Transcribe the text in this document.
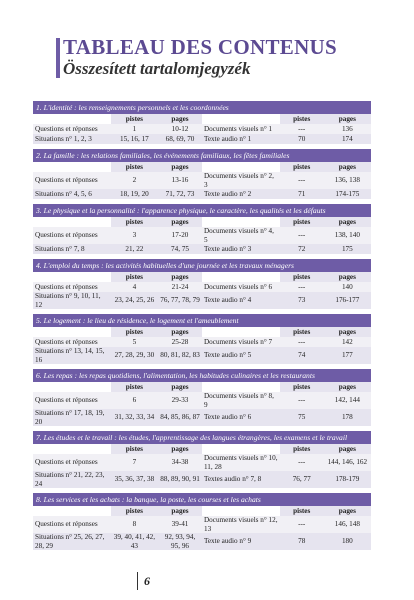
TABLEAU DES CONTENUS
Összesített tartalomjegyzék
1. L'identité : les renseignements personnels et les coordonnées
	pistes	pages		pistes	pages
Questions et réponses	1	10-12	Documents visuels n° 1	---	136
Situations n° 1, 2, 3	15, 16, 17	68, 69, 70	Texte audio n° 1	70	174
2. La famille : les relations familiales, les événements familiaux, les fêtes familiales
	pistes	pages		pistes	pages
Questions et réponses	2	13-16	Documents visuels n° 2, 3	---	136, 138
Situations n° 4, 5, 6	18, 19, 20	71, 72, 73	Texte audio n° 2	71	174-175
3. Le physique et la personnalité : l'apparence physique, le caractère, les qualités et les défauts
	pistes	pages		pistes	pages
Questions et réponses	3	17-20	Documents visuels n° 4, 5	---	138, 140
Situations n° 7, 8	21, 22	74, 75	Texte audio n° 3	72	175
4. L'emploi du temps : les activités habituelles d'une journée et les travaux ménagers
	pistes	pages		pistes	pages
Questions et réponses	4	21-24	Documents visuels n° 6	---	140
Situations n° 9, 10, 11, 12	23, 24, 25, 26	76, 77, 78, 79	Texte audio n° 4	73	176-177
5. Le logement : le lieu de résidence, le logement et l'ameublement
	pistes	pages		pistes	pages
Questions et réponses	5	25-28	Documents visuels n° 7	---	142
Situations n° 13, 14, 15, 16	27, 28, 29, 30	80, 81, 82, 83	Texte audio n° 5	74	177
6. Les repas : les repas quotidiens, l'alimentation, les habitudes culinaires et les restaurants
	pistes	pages		pistes	pages
Questions et réponses	6	29-33	Documents visuels n° 8, 9	---	142, 144
Situations n° 17, 18, 19, 20	31, 32, 33, 34	84, 85, 86, 87	Texte audio n° 6	75	178
7. Les études et le travail : les études, l'apprentissage des langues étrangères, les examens et le travail
	pistes	pages		pistes	pages
Questions et réponses	7	34-38	Documents visuels n° 10, 11, 28	---	144, 146, 162
Situations n° 21, 22, 23, 24	35, 36, 37, 38	88, 89, 90, 91	Textes audio n° 7, 8	76, 77	178-179
8. Les services et les achats : la banque, la poste, les courses et les achats
	pistes	pages		pistes	pages
Questions et réponses	8	39-41	Documents visuels n° 12, 13	---	146, 148
Situations n° 25, 26, 27, 28, 29	39, 40, 41, 42, 43	92, 93, 94, 95, 96	Texte audio n° 9	78	180
6
